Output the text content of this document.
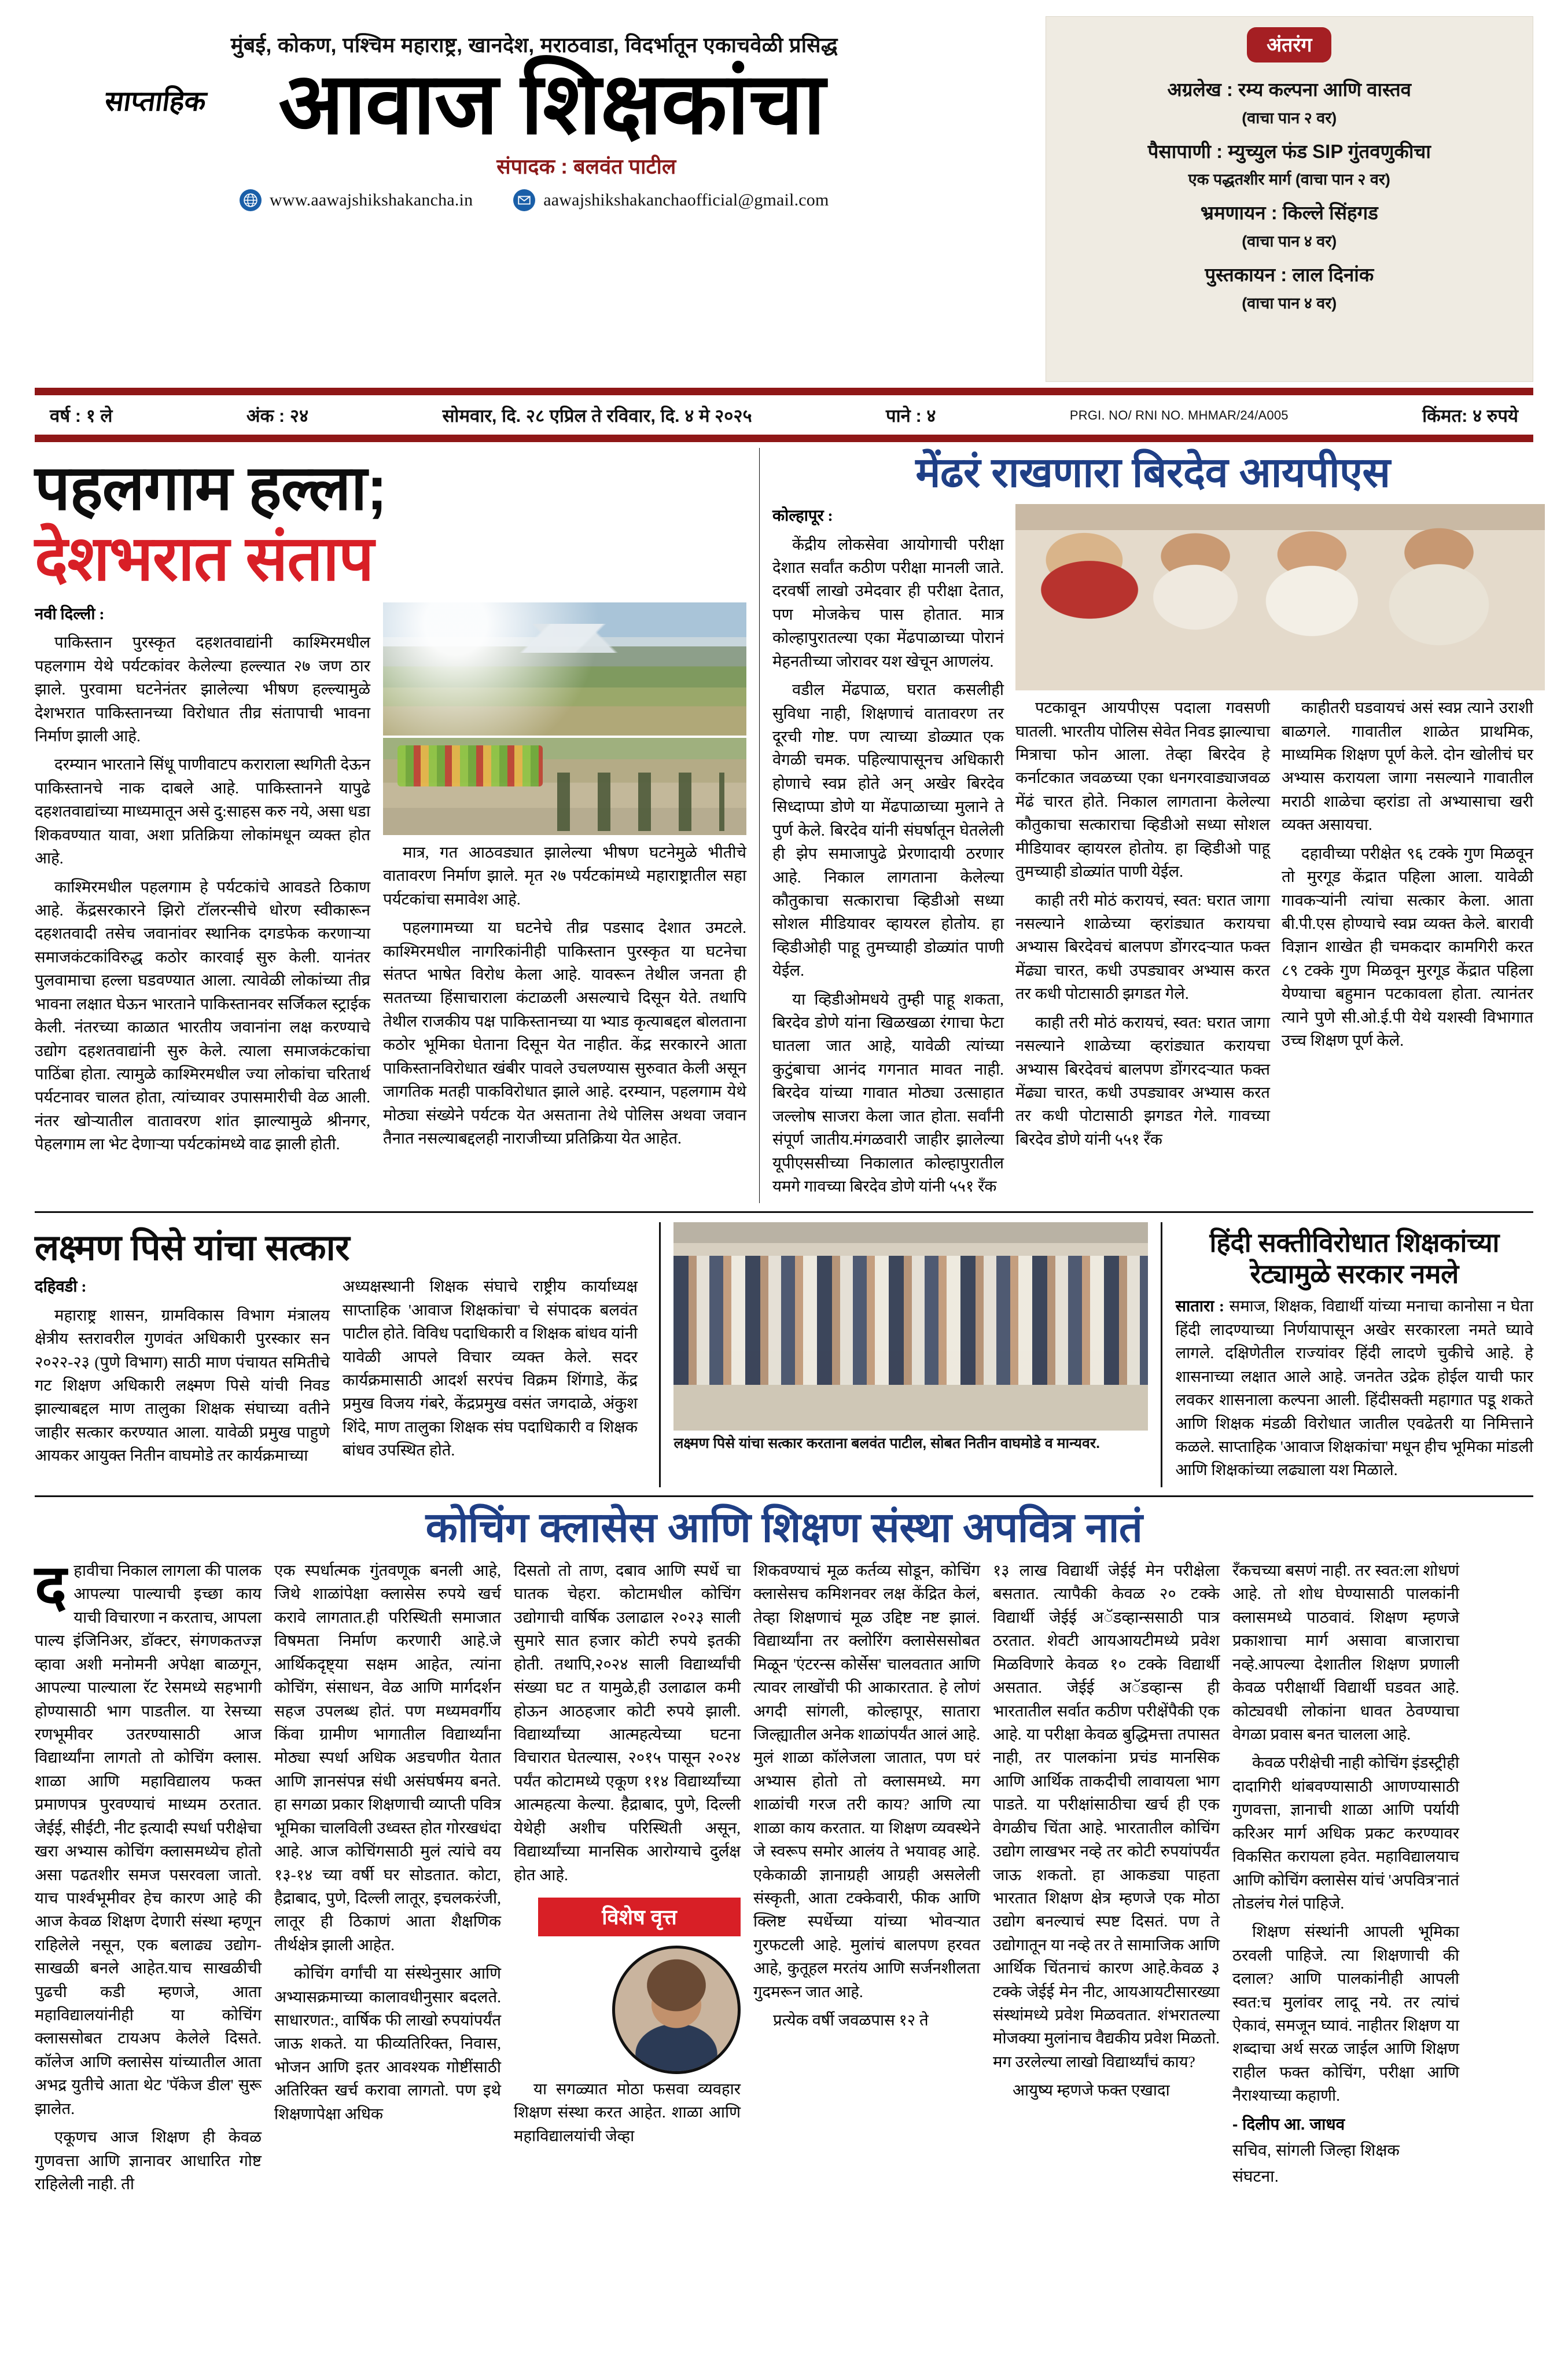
मुंबई, कोकण, पश्चिम महाराष्ट्र, खानदेश, मराठवाडा, विदर्भातून एकाचवेळी प्रसिद्ध
साप्ताहिक आवाज शिक्षकांचा
संपादक : बलवंत पाटील
www.aawajshikshakancha.in	aawajshikshakanchaofficial@gmail.com
अंतरंग
अग्रलेख : रम्य कल्पना आणि वास्तव
(वाचा पान २ वर)
पैसापाणी : म्युच्युल फंड SIP गुंतवणुकीचा
एक पद्धतशीर मार्ग (वाचा पान २ वर)
भ्रमणायन : किल्ले सिंहगड
(वाचा पान ४ वर)
पुस्तकायन : लाल दिनांक
(वाचा पान ४ वर)
वर्ष : १ ले	अंक : २४	सोमवार, दि. २८ एप्रिल ते रविवार, दि. ४ मे २०२५	पाने : ४	PRGI. NO/ RNI NO. MHMAR/24/A005	किंमत: ४ रुपये
पहलगाम हल्ला;
देशभरात संताप

नवी दिल्ली :

पाकिस्तान पुरस्कृत दहशतवाद्यांनी काश्मिरमधील पहलगाम येथे पर्यटकांवर केलेल्या हल्ल्यात २७ जण ठार झाले. पुरवामा घटनेनंतर झालेल्या भीषण हल्ल्यामुळे देशभरात पाकिस्तानच्या विरोधात तीव्र संतापाची भावना निर्माण झाली आहे.

दरम्यान भारताने सिंधू पाणीवाटप कराराला स्थगिती देऊन पाकिस्तानचे नाक दाबले आहे. पाकिस्तानने यापुढे दहशतवाद्यांच्या माध्यमातून असे दु:साहस करु नये, असा धडा शिकवण्यात यावा, अशा प्रतिक्रिया लोकांमधून व्यक्त होत आहे.

काश्मिरमधील पहलगाम हे पर्यटकांचे आवडते ठिकाण आहे. केंद्रसरकारने झिरो टॉलरन्सीचे धोरण स्वीकारून दहशतवादी तसेच जवानांवर स्थानिक दगडफेक करणाऱ्या समाजकंटकांविरुद्ध कठोर कारवाई सुरु केली. यानंतर पुलवामाचा हल्ला घडवण्यात आला. त्यावेळी लोकांच्या तीव्र भावना लक्षात घेऊन भारताने पाकिस्तानवर सर्जिकल स्ट्राईक केली. नंतरच्या काळात भारतीय जवानांना लक्ष करण्याचे उद्योग दहशतवाद्यांनी सुरु केले. त्याला समाजकंटकांचा पाठिंबा होता. त्यामुळे काश्मिरमधील ज्या लोकांचा चरितार्थ पर्यटनावर चालत होता, त्यांच्यावर उपासमारीची वेळ आली. नंतर खोऱ्यातील वातावरण शांत झाल्यामुळे श्रीनगर, पेहलगाम ला भेट देणाऱ्या पर्यटकांमध्ये वाढ झाली होती.

मात्र, गत आठवड्यात झालेल्या भीषण घटनेमुळे भीतीचे वातावरण निर्माण झाले. मृत २७ पर्यटकांमध्ये महाराष्ट्रातील सहा पर्यटकांचा समावेश आहे.

पहलगामच्या या घटनेचे तीव्र पडसाद देशात उमटले. काश्मिरमधील नागरिकांनीही पाकिस्तान पुरस्कृत या घटनेचा संतप्त भाषेत विरोध केला आहे. यावरून तेथील जनता ही सततच्या हिंसाचाराला कंटाळली असल्याचे दिसून येते. तथापि तेथील राजकीय पक्ष पाकिस्तानच्या या भ्याड कृत्याबद्दल बोलताना कठोर भूमिका घेताना दिसून येत नाहीत. केंद्र सरकारने आता पाकिस्तानविरोधात खंबीर पावले उचलण्यास सुरुवात केली असून जागतिक मतही पाकविरोधात झाले आहे. दरम्यान, पहलगाम येथे मोठ्या संख्येने पर्यटक येत असताना तेथे पोलिस अथवा जवान तैनात नसल्याबद्दलही नाराजीच्या प्रतिक्रिया येत आहेत.

मेंढरं राखणारा बिरदेव आयपीएस

कोल्हापूर :

केंद्रीय लोकसेवा आयोगाची परीक्षा देशात सर्वांत कठीण परीक्षा मानली जाते. दरवर्षी लाखो उमेदवार ही परीक्षा देतात, पण मोजकेच पास होतात. मात्र कोल्हापुरातल्या एका मेंढपाळाच्या पोरानं मेहनतीच्या जोरावर यश खेचून आणलंय.

वडील मेंढपाळ, घरात कसलीही सुविधा नाही, शिक्षणाचं वातावरण तर दूरची गोष्ट. पण त्याच्या डोळ्यात एक वेगळी चमक. पहिल्यापासूनच अधिकारी होणाचे स्वप्न होते अन् अखेर बिरदेव सिध्दाप्पा डोणे या मेंढपाळाच्या मुलाने ते पुर्ण केले. बिरदेव यांनी संघर्षातून घेतलेली ही झेप समाजापुढे प्रेरणादायी ठरणार आहे. निकाल लागताना केलेल्या कौतुकाचा सत्काराचा व्हिडीओ सध्या सोशल मीडियावर व्हायरल होतोय. हा व्हिडीओही पाहू तुमच्याही डोळ्यांत पाणी येईल.

या व्हिडीओमधये तुम्ही पाहू शकता, बिरदेव डोणे यांना खिळखळा रंगाचा फेटा घातला जात आहे, यावेळी त्यांच्या कुटुंबाचा आनंद गगनात मावत नाही. बिरदेव यांच्या गावात मोठ्या उत्साहात जल्लोष साजरा केला जात होता. सर्वांनी संपूर्ण जातीय.मंगळवारी जाहीर झालेल्या यूपीएससीच्या निकालात कोल्हापुरातील यमगे गावच्या बिरदेव डोणे यांनी ५५१ रँक

पटकावून आयपीएस पदाला गवसणी घातली. भारतीय पोलिस सेवेत निवड झाल्याचा मित्राचा फोन आला. तेव्हा बिरदेव हे कर्नाटकात जवळच्या एका धनगरवाड्याजवळ मेंढं चारत होते. निकाल लागताना केलेल्या कौतुकाचा सत्काराचा व्हिडीओ सध्या सोशल मीडियावर व्हायरल होतोय. हा व्हिडीओ पाहू तुमच्याही डोळ्यांत पाणी येईल.

काही तरी मोठं करायचं, स्वत: घरात जागा नसल्याने शाळेच्या व्हरांड्यात करायचा अभ्यास बिरदेवचं बालपण डोंगरदऱ्यात फक्त मेंढ्या चारत, कधी उपड्यावर अभ्यास करत तर कधी पोटासाठी झगडत गेले.

काही तरी मोठं करायचं, स्वत: घरात जागा नसल्याने शाळेच्या व्हरांड्यात करायचा अभ्यास बिरदेवचं बालपण डोंगरदऱ्यात फक्त मेंढ्या चारत, कधी उपड्यावर अभ्यास करत तर कधी पोटासाठी झगडत गेले. गावच्या बिरदेव डोणे यांनी ५५१ रँक

काहीतरी घडवायचं असं स्वप्न त्याने उराशी बाळगले. गावातील शाळेत प्राथमिक, माध्यमिक शिक्षण पूर्ण केले. दोन खोलीचं घर अभ्यास करायला जागा नसल्याने गावातील मराठी शाळेचा व्हरांडा तो अभ्यासाचा खरी व्यक्त असायचा.

दहावीच्या परीक्षेत ९६ टक्के गुण मिळवून तो मुरगूड केंद्रात पहिला आला. यावेळी गावकऱ्यांनी त्यांचा सत्कार केला. आता बी.पी.एस होण्याचे स्वप्न व्यक्त केले. बारावी विज्ञान शाखेत ही चमकदार कामगिरी करत ८९ टक्के गुण मिळवून मुरगूड केंद्रात पहिला येण्याचा बहुमान पटकावला होता. त्यानंतर त्याने पुणे सी.ओ.ई.पी येथे यशस्वी विभागात उच्च शिक्षण पूर्ण केले.

लक्ष्मण पिसे यांचा सत्कार

दहिवडी :

महाराष्ट्र शासन, ग्रामविकास विभाग मंत्रालय क्षेत्रीय स्तरावरील गुणवंत अधिकारी पुरस्कार सन २०२२-२३ (पुणे विभाग) साठी माण पंचायत समितीचे गट शिक्षण अधिकारी लक्ष्मण पिसे यांची निवड झाल्याबद्दल माण तालुका शिक्षक संघाच्या वतीने जाहीर सत्कार करण्यात आला. यावेळी प्रमुख पाहुणे आयकर आयुक्त नितीन वाघमोडे तर कार्यक्रमाच्या

अध्यक्षस्थानी शिक्षक संघाचे राष्ट्रीय कार्याध्यक्ष साप्ताहिक 'आवाज शिक्षकांचा' चे संपादक बलवंत पाटील होते. विविध पदाधिकारी व शिक्षक बांधव यांनी यावेळी आपले विचार व्यक्त केले. सदर कार्यक्रमासाठी आदर्श सरपंच विक्रम शिंगाडे, केंद्र प्रमुख विजय गंबरे, केंद्रप्रमुख वसंत जगदाळे, अंकुश शिंदे, माण तालुका शिक्षक संघ पदाधिकारी व शिक्षक बांधव उपस्थित होते.	लक्ष्मण पिसे यांचा सत्कार करताना बलवंत पाटील, सोबत नितीन वाघमोडे व मान्यवर.
हिंदी सक्तीविरोधात शिक्षकांच्या
रेट्यामुळे सरकार नमले

सातारा : समाज, शिक्षक, विद्यार्थी यांच्या मनाचा कानोसा न घेता हिंदी लादण्याच्या निर्णयापासून अखेर सरकारला नमते घ्यावे लागले. दक्षिणेतील राज्यांवर हिंदी लादणे चुकीचे आहे. हे शासनाच्या लक्षात आले आहे. जनतेत उद्रेक होईल याची फार लवकर शासनाला कल्पना आली. हिंदीसक्ती महागात पडू शकते आणि शिक्षक मंडळी विरोधात जातील एवढेतरी या निमित्ताने कळले. साप्ताहिक 'आवाज शिक्षकांचा' मधून हीच भूमिका मांडली आणि शिक्षकांच्या लढ्याला यश मिळाले.

कोचिंग क्लासेस आणि शिक्षण संस्था अपवित्र नातं

दहावीचा निकाल लागला की पालक आपल्या पाल्याची इच्छा काय याची विचारणा न करताच, आपला पाल्य इंजिनिअर, डॉक्टर, संगणकतज्ज्ञ व्हावा अशी मनोमनी अपेक्षा बाळगून, आपल्या पाल्याला रॅट रेसमध्ये सहभागी होण्यासाठी भाग पाडतील. या रेसच्या रणभूमीवर उतरण्यासाठी आज विद्यार्थ्यांना लागतो तो कोचिंग क्लास. शाळा आणि महाविद्यालय फक्त प्रमाणपत्र पुरवण्याचं माध्यम ठरतात. जेईई, सीईटी, नीट इत्यादी स्पर्धा परीक्षेचा खरा अभ्यास कोचिंग क्लासमध्येच होतो असा पढतशीर समज पसरवला जातो. याच पार्श्वभूमीवर हेच कारण आहे की आज केवळ शिक्षण देणारी संस्था म्हणून राहिलेले नसून, एक बलाढ्य उद्योग-साखळी बनले आहेत.याच साखळीची पुढची कडी म्हणजे, आता महाविद्यालयांनीही या कोचिंग क्लाससोबत टायअप केलेले दिसते. कॉलेज आणि क्लासेस यांच्यातील आता अभद्र युतीचे आता थेट 'पॅकेज डील' सुरू झालेत.

एकूणच आज शिक्षण ही केवळ गुणवत्ता आणि ज्ञानावर आधारित गोष्ट राहिलेली नाही. ती

एक स्पर्धात्मक गुंतवणूक बनली आहे, जिथे शाळांपेक्षा क्लासेस रुपये खर्च करावे लागतात.ही परिस्थिती समाजात विषमता निर्माण करणारी आहे.जे आर्थिकदृष्ट्या सक्षम आहेत, त्यांना कोचिंग, संसाधन, वेळ आणि मार्गदर्शन सहज उपलब्ध होतं. पण मध्यमवर्गीय किंवा ग्रामीण भागातील विद्यार्थ्यांना मोठ्या स्पर्धा अधिक अडचणीत येतात आणि ज्ञानसंपन्न संधी असंघर्षमय बनते. हा सगळा प्रकार शिक्षणाची व्याप्ती पवित्र भूमिका चालविली उध्वस्त होत गोरखधंदा आहे. आज कोचिंगसाठी मुलं त्यांचे वय १३-१४ च्या वर्षी घर सोडतात. कोटा, हैद्राबाद, पुणे, दिल्ली लातूर, इचलकरंजी, लातूर ही ठिकाणं आता शैक्षणिक तीर्थक्षेत्र झाली आहेत.

कोचिंग वर्गांची या संस्थेनुसार आणि अभ्यासक्रमाच्या कालावधीनुसार बदलते. साधारणत:, वार्षिक फी लाखो रुपयांपर्यंत जाऊ शकते. या फीव्यतिरिक्त, निवास, भोजन आणि इतर आवश्यक गोष्टींसाठी अतिरिक्त खर्च करावा लागतो. पण इथे शिक्षणापेक्षा अधिक

दिसतो तो ताण, दबाव आणि स्पर्धे चा घातक चेहरा. कोटामधील कोचिंग उद्योगाची वार्षिक उलाढाल २०२३ साली सुमारे सात हजार कोटी रुपये इतकी होती. तथापि,२०२४ साली विद्यार्थ्यांची संख्या घट त यामुळे,ही उलाढाल कमी होऊन आठहजार कोटी रुपये झाली. विद्यार्थ्यांच्या आत्महत्येच्या घटना विचारात घेतल्यास, २०१५ पासून २०२४ पर्यंत कोटामध्ये एकूण ११४ विद्यार्थ्यांच्या आत्महत्या केल्या. हैद्राबाद, पुणे, दिल्ली येथेही अशीच परिस्थिती असून, विद्यार्थ्यांच्या मानसिक आरोग्याचे दुर्लक्ष होत आहे.

विशेष वृत्त

या सगळ्यात मोठा फसवा व्यवहार शिक्षण संस्था करत आहेत. शाळा आणि महाविद्यालयांची जेव्हा

शिकवण्याचं मूळ कर्तव्य सोडून, कोचिंग क्लासेसच कमिशनवर लक्ष केंद्रित केलं, तेव्हा शिक्षणाचं मूळ उद्दिष्ट नष्ट झालं. विद्यार्थ्यांना तर क्लोरिंग क्लासेससोबत मिळून 'एंटरन्स कोर्सेस' चालवतात आणि त्यावर लाखोंची फी आकारतात. हे लोणं अगदी सांगली, कोल्हापूर, सातारा जिल्ह्यातील अनेक शाळांपर्यंत आलं आहे. मुलं शाळा कॉलेजला जातात, पण घरं अभ्यास होतो तो क्लासमध्ये. मग शाळांची गरज तरी काय? आणि त्या शाळा काय करतात. या शिक्षण व्यवस्थेने जे स्वरूप समोर आलंय ते भयावह आहे. एकेकाळी ज्ञानाग्रही आग्रही असलेली संस्कृती, आता टक्केवारी, फीक आणि क्लिष्ट स्पर्धेच्या यांच्या भोवऱ्यात गुरफटली आहे. मुलांचं बालपण हरवत आहे, कुतूहल मरतंय आणि सर्जनशीलता गुदमरून जात आहे.

प्रत्येक वर्षी जवळपास १२ ते

१३ लाख विद्यार्थी जेईई मेन परीक्षेला बसतात. त्यापैकी केवळ २० टक्के विद्यार्थी जेईई अॅडव्हान्ससाठी पात्र ठरतात. शेवटी आयआयटीमध्ये प्रवेश मिळविणारे केवळ १० टक्के विद्यार्थी असतात. जेईई अॅडव्हान्स ही भारतातील सर्वात कठीण परीक्षेंपैकी एक आहे. या परीक्षा केवळ बुद्धिमत्ता तपासत नाही, तर पालकांना प्रचंड मानसिक आणि आर्थिक ताकदीची लावायला भाग पाडते. या परीक्षांसाठीचा खर्च ही एक वेगळीच चिंता आहे. भारतातील कोचिंग उद्योग लाखभर नव्हे तर कोटी रुपयांपर्यंत जाऊ शकतो. हा आकड्या पाहता भारतात शिक्षण क्षेत्र म्हणजे एक मोठा उद्योग बनल्याचं स्पष्ट दिसतं. पण ते उद्योगातून या नव्हे तर ते सामाजिक आणि आर्थिक चिंतनाचं कारण आहे.केवळ ३ टक्के जेईई मेन नीट, आयआयटीसारख्या संस्थांमध्ये प्रवेश मिळवतात. शंभरातल्या मोजक्या मुलांनाच वैद्यकीय प्रवेश मिळतो. मग उरलेल्या लाखो विद्यार्थ्यांचं काय?

आयुष्य म्हणजे फक्त एखादा

रँकचच्या बसणं नाही. तर स्वत:ला शोधणं आहे. तो शोध घेण्यासाठी पालकांनी क्लासमध्ये पाठवावं. शिक्षण म्हणजे प्रकाशाचा मार्ग असावा बाजाराचा नव्हे.आपल्या देशातील शिक्षण प्रणाली केवळ परीक्षार्थी विद्यार्थी घडवत आहे. कोट्यवधी लोकांना धावत ठेवण्याचा वेगळा प्रवास बनत चालला आहे.

केवळ परीक्षेची नाही कोचिंग इंडस्ट्रीही दादागिरी थांबवण्यासाठी आणण्यासाठी गुणवत्ता, ज्ञानाची शाळा आणि पर्यायी करिअर मार्ग अधिक प्रकट करण्यावर विकसित करायला हवेत. महाविद्यालयाच आणि कोचिंग क्लासेस यांचं 'अपवित्र'नातं तोडलंच गेलं पाहिजे.

शिक्षण संस्थांनी आपली भूमिका ठरवली पाहिजे. त्या शिक्षणाची की दलाल? आणि पालकांनीही आपली स्वत:च मुलांवर लादू नये. तर त्यांचं ऐकावं, समजून घ्यावं. नाहीतर शिक्षण या शब्दाचा अर्थ सरळ जाईल आणि शिक्षण राहील फक्त कोचिंग, परीक्षा आणि नैराश्याच्या कहाणी.

- दिलीप आ. जाधव
सचिव, सांगली जिल्हा शिक्षक
संघटना.
